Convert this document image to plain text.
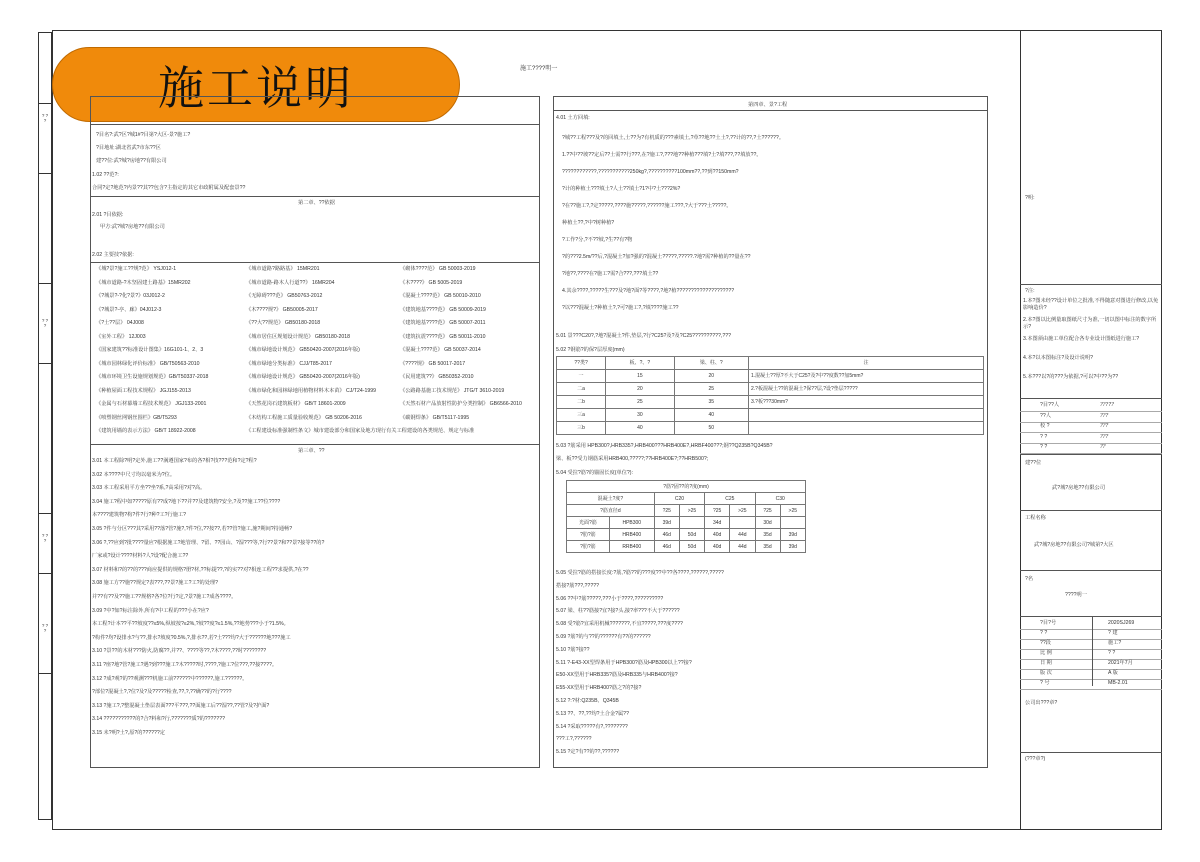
? ? ?
? ? ?
? ? ?
? ? ?
施工说明	施工????明一
?目名?:武?区?城1#?目第?大区-景?施工?
?目地址:湖北省武?市东??区
建??位:武?城?房地??有限公司
1.02 ??范?:
合同?定?地范?内景??其??包含?主指定的其它市政附属及配套景??
第二章、??依据
2.01 ?目依据:
甲方:武?城?房地??有限公司
2.02 主要技?依据:
《城?景?施工??规?范》 YSJ012-1	《城市道路?路路基》 15MR201	《砌体????范》 GB 50003-2019
《城市道路-?木坚固建土路基》15MR202	《城市道路-路木人行道??》 16MR204	《木????》 GB 5005-2019
《?城景?-?化?景?》03J012-2	《无障碍???范》 GB50763-2012	《混凝土????范》 GB 50010-2010
《?城景?-亭、廊》04J012-3	《木????规?》 GB50005-2017	《建筑地基????范》 GB 50009-2019
《?土??层》 04J008	《??大??规范》 GB50180-2018	《建筑地基????范》 GB 50007-2011
《室外工程》 12J003	《城市居住区规划设计规范》 GB50180-2018	《建筑抗震????范》 GB 50011-2010
《国家建筑??标准设计图集》16G101-1、2、3	《城市绿地设计规范》 GB50420-2007(2016年版)	《混凝土????范》 GB 50037-2014
《城市园林绿化评价标准》 GB/T50563-2010	《城市绿地分类标准》 CJJ/T85-2017	《????规》 GB 50017-2017
《城市环境卫生设施规划规范》GB/T50337-2018	《城市绿地设计规范》 GB50420-2007(2016年版)	《民用建筑??》 GB50352-2010
《种植屋面工程技术规程》 JGJ155-2013	《城市绿化和园林绿地用植物材料木本苗》 CJ/T24-1999	《公路路基施工技术规范》 JTG/T 3610-2019
《金属与石材幕墙工程技术规范》 JGJ133-2001	《天然花岗石建筑板材》 GB/T 18601-2009	《天然石材产品放射性防护分类控制》 GB6566-2010
《喷塑钢丝网钢丝围栏》GB/T5293	《木结构工程施工质量验收规范》 GB 50206-2016	《碳钢焊条》 GB/T5117-1995
《建筑用墙的表示方法》 GB/T 18922-2008	《工程建设标准强制性条文》城市建设部分和国家及地方现行有关工程建设的各类规范、规定与标准
第三章、??
3.01 本工程除?明?定外,施工??满遵国家?布的各?相?技???范和?定?程?
3.02 本????中尺寸均以毫米为?位。
3.03 本工程采用平方坐??坐?系,?高采用?对?高。
3.04 施工?程中如?????原有??成?地下??并??及建筑物?安全,?及??施工??位????
本????建筑物?构?件?行?种?工?行施工?
3.05 ?件与分区???其?采用??落?管?施?,?件?位,??按??,若??管?施工,施?期间?持通畅?
3.06 ?,??应到?批????量应?根据施工?地管理、?留、??园山、?湿???等,?行??景?和??景?接等??的?
厂家或?设计????材料?人?设?配合施工??
3.07 材料和?的??的???商应提供的规格?册?材,??标提??,?的实??对?相连工程??求提供,?在??
3.08 施工方??施??规定?表???,??景?施工?工?的处理?
并??有??及??施工??规格?各?位?行?定,?景?施工?成各????。
3.09 ?中?如?标注除外,所有?中工程的???小在?应?
本工程?计本??平??坡度??≤5%,纵坡按?≤2%,?坡??度?≤1.5%,??地势???小于?1.5%。
?构件?均?设排水?与??,排水?坡度?0.5%,?,排水??,若?土???均?大于??????地???施工
3.10 ?景??的木材???防火,防腐??,并??、????等??,?木????,??时????????
3.11 ?座?地?管?施工?遇?到???施工?木?????时,????,?施工?位???,??接????。
3.12 ?成?观?的??观测???机施工前??????中??????,施工??????。
?部位?混凝土?,?位?及?及?????检查,??,?,??确??的?行????
3.13 ?施工?,?整混凝土垫层表面???平???,??面施工后??湿??,??管?及?护面?
3.14 ???????????的?合?料和?行,???????质?的???????
3.15 未?明?土?,原?的??????定
第四章、景?工程
4.01 土方回填:
?城??工程???及?的回填土,土??为?有机质的???素填土,?草??地??土土?,??计的??,?土??????。
1.??中??坡??定后??土需??行???,在?施工?,???地??种植???填?土?填???,??填放??。
????????????,???????????250kg?,??????????100mm??,??到??150mm?
?计的种植土???填土?人土??填土?1?中?土???2%?
?在??施工?,?定?????,????施?????,??????施工???,?大于???土?????。
种植土??,?中?树种植?
?工作?分,?不??坡,?生??有?物
?的???2.5m/??后,?混凝土?加?强的?混凝土?????,?????.?地?需?种植的??量在??
?地??,????在?施工?需?合???,???填土??
4.其余????,?????生???及?地?面?等????,?地?植????????????????????
?以???混凝土?种植土?,?可?施工?,?填????施工??
5.01 景???C20?,?地?混凝土?件,垫层,?行?C25?及?及?C25??????????,???
5.02 ?钢筋?的保?层厚度(mm)
??类?	板、?、?	梁、柱、?	注
一	15	20	1.混凝土??厚?不大于C25?及?中??度数??加5mm?
二a	20	25	2.?板混凝土??的混凝土?保??层,?设?垫层?????
二b	25	35	3.?板???30mm?
三a	30	40	
三b	40	50	
5.03 ?筋采用 HPB300?,HRB335?,HRB400???HRB400E?,HRBF400???;钢??Q235B?Q345B?
梁、板??受力钢筋采用HRB400,?????;??HRB400E?;??HRB500?;
5.04 受拉?筋?的锚固长度(单位?):
?筋?固??的?度(mm)							
混凝土?度?		C20		C25		C30	
?筋直径d		?25	>25	?25	>25	?25	>25
光面?筋	HPB300	39d		34d		30d	
?肋?筋	HRB400	46d	50d	40d	44d	35d	39d
?肋?筋	RRB400	46d	50d	40d	44d	35d	39d
5.05 受拉?筋的搭接长度:?筋,?筋??的???度??中??各????,??????,?????
搭接?筋???,?????
5.06 ??中?筋?????,???小于????,??????????
5.07 梁、柱??筋接?宜?接?头,接?率???不大于??????
5.08 受?筋?宜采用机械???????,不宜?????,???度????
5.09 ?筋?的与??的??????有??的??????
5.10 ?筋?接??
5.11 ?-E43-XX型焊条用于HPB300?筋及HPB300以上??接?
E50-XX型用于HRB335?筋及HRB335与HRB400?接?
E55-XX型用于HRB400?筋之?的?接?
5.12 ?:?材:Q235B、Q345B
5.13 ??、??,??均?土合金?属??
5.14 ?采取?????有?,????????
???工?,??????
5.15 ?定?有??的??,??????
?明:
?注:
1.本?图未经??设计单位之批准,不得随意对图进行修改,以免影响造价?
2.本?图以比例量取图纸尺寸为准,一切以图中标注的数字所示?
3.本图须由施工单位配合各专业设计图纸进行施工?
4.本?以本图标注?及设计说明?
5.本???以?的???为依据,?可以?中??为??
?目??人	?????
??人	???
校 ?	???
? ?	???
? ?	??
建??位
武?城?房地??有限公司
工程名称
武?城?房地??有限公司?城第?大区
?名
????明一
?目?号	2020SJ269
? ?	? 建
??段	施工?
比 例	? ?
日 期	2021年7月
版 次	A 版
? 号	MB-2.01
公司出???章?
(???章?)
